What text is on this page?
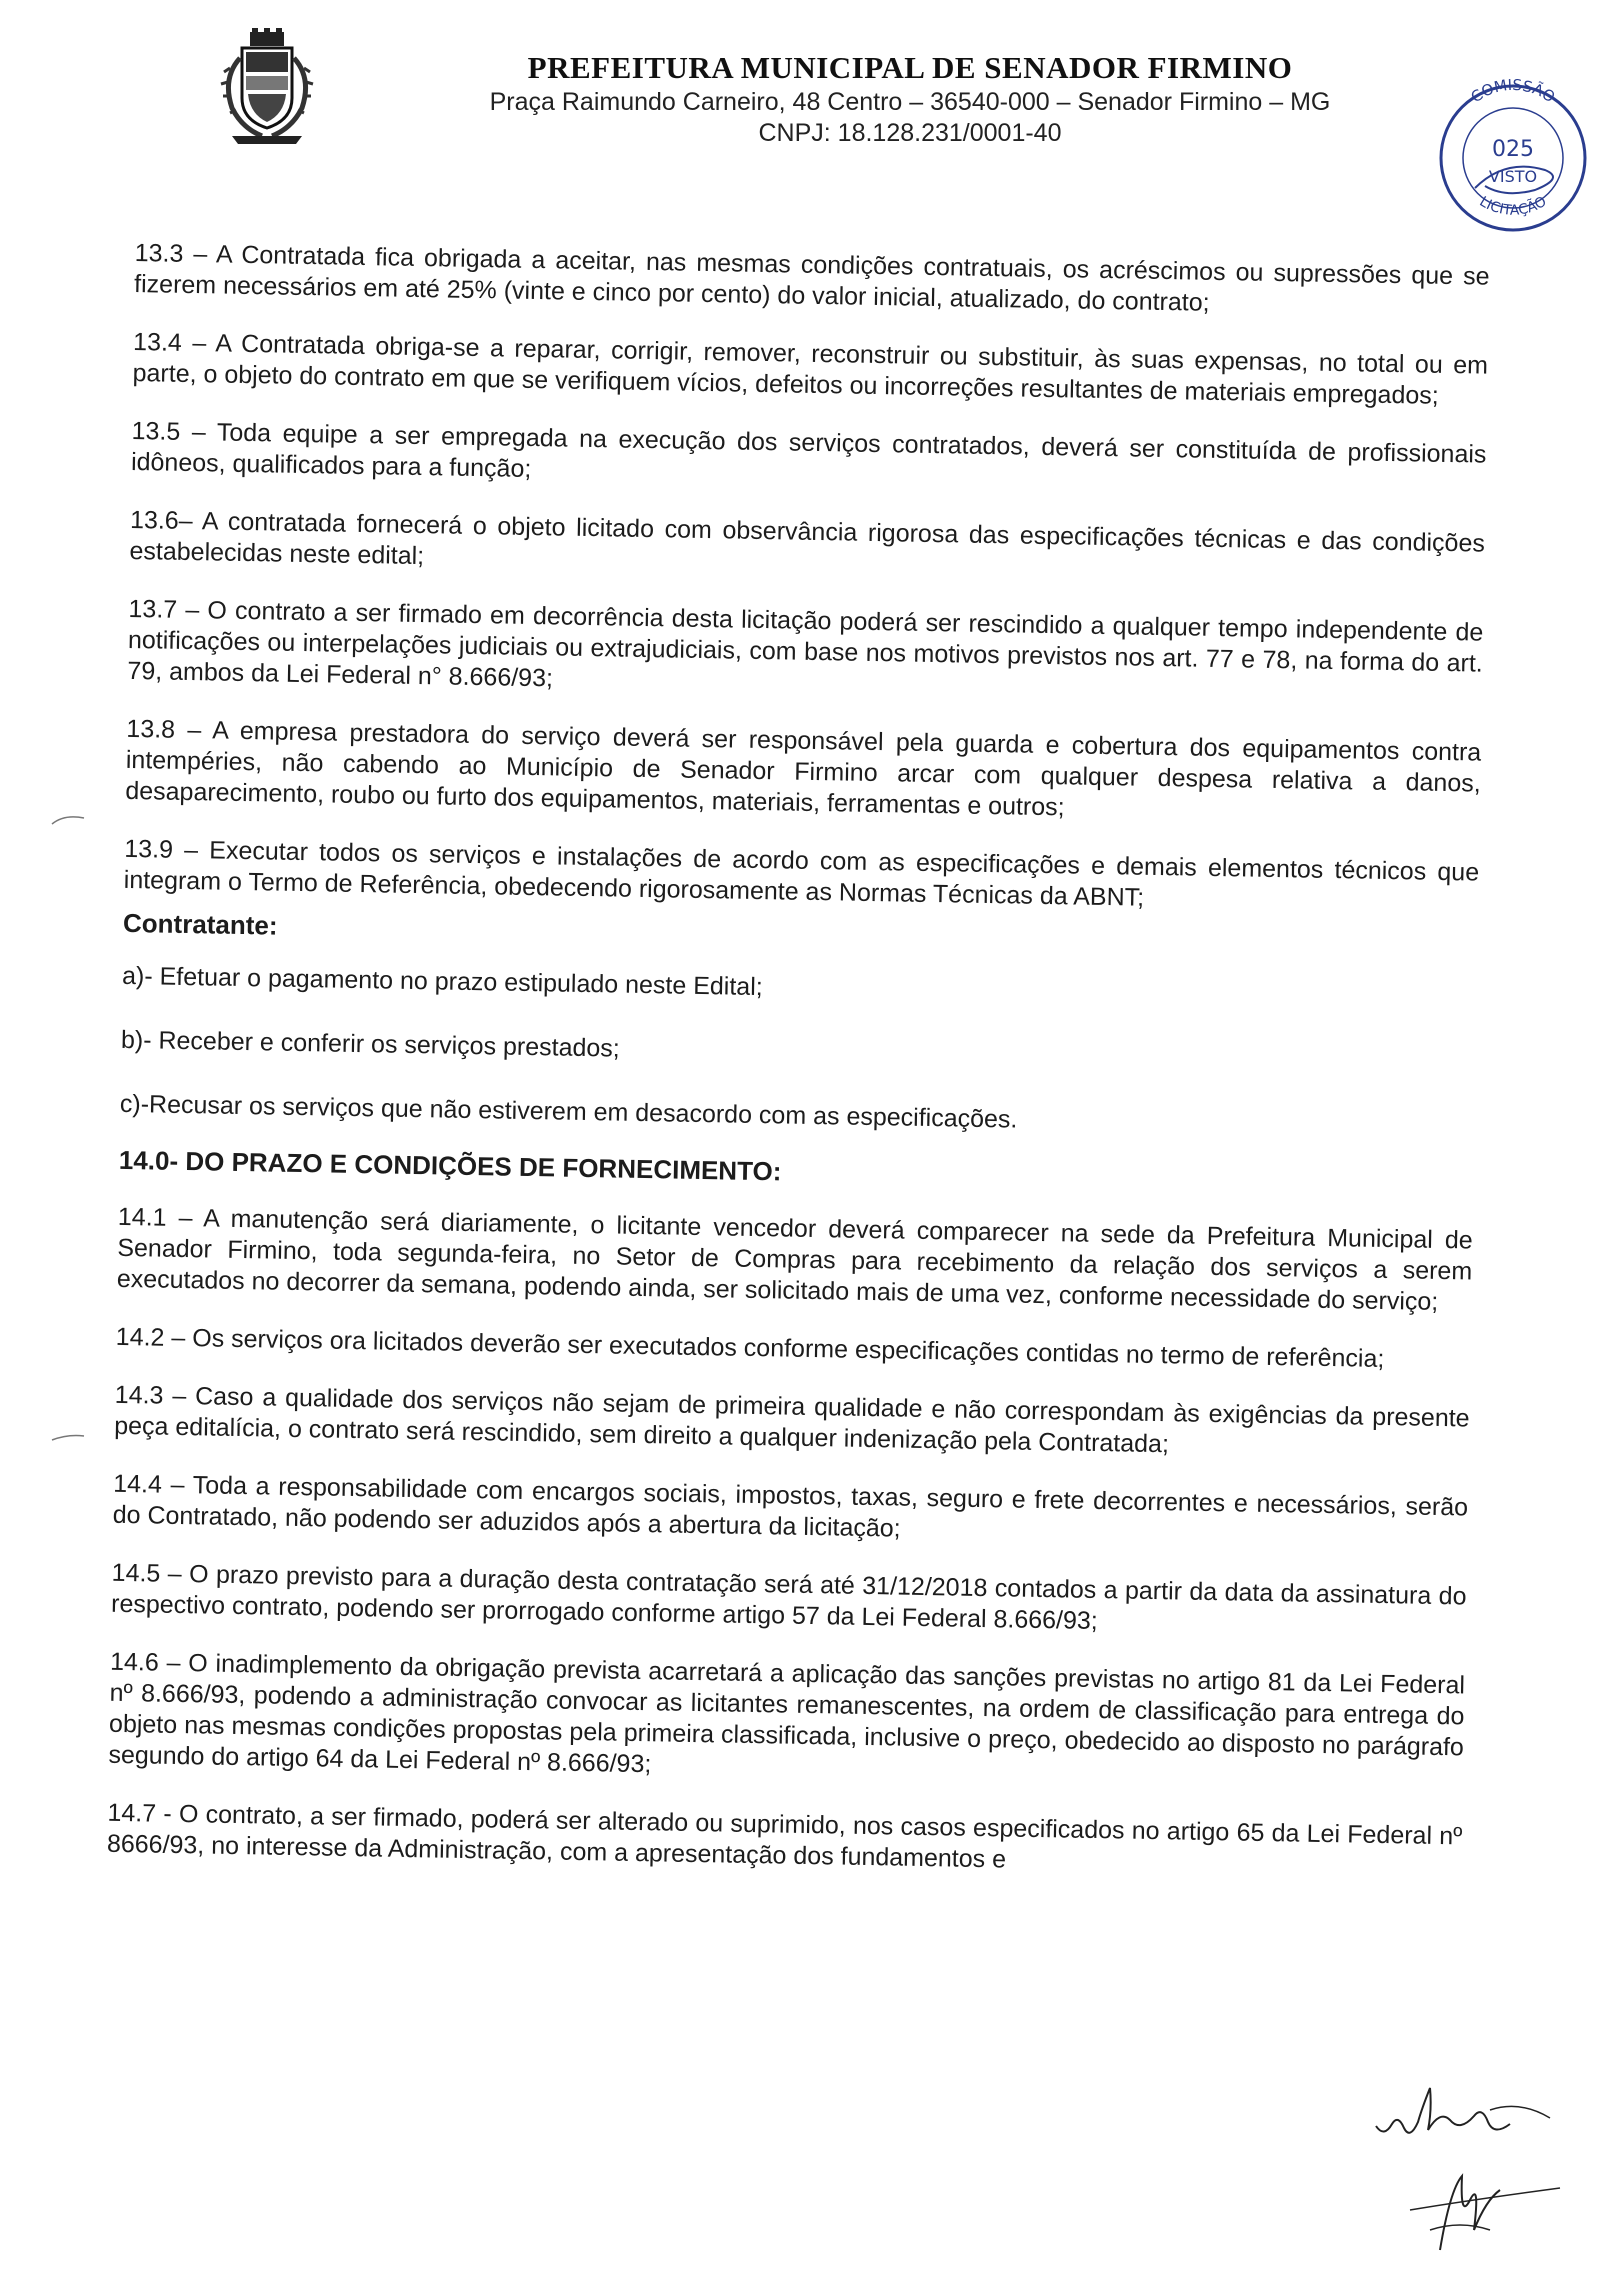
PREFEITURA MUNICIPAL DE SENADOR FIRMINO
Praça Raimundo Carneiro, 48 Centro – 36540-000 – Senador Firmino – MG
CNPJ: 18.128.231/0001-40
COMISSÃO
025
VISTO
LICITAÇÃO

13.3 – A Contratada fica obrigada a aceitar, nas mesmas condições contratuais, os acréscimos ou supressões que se fizerem necessários em até 25% (vinte e cinco por cento) do valor inicial, atualizado, do contrato;

13.4 – A Contratada obriga-se a reparar, corrigir, remover, reconstruir ou substituir, às suas expensas, no total ou em parte, o objeto do contrato em que se verifiquem vícios, defeitos ou incorreções resultantes de materiais empregados;

13.5 – Toda equipe a ser empregada na execução dos serviços contratados, deverá ser constituída de profissionais idôneos, qualificados para a função;

13.6– A contratada fornecerá o objeto licitado com observância rigorosa das especificações técnicas e das condições estabelecidas neste edital;

13.7 – O contrato a ser firmado em decorrência desta licitação poderá ser rescindido a qualquer tempo independente de notificações ou interpelações judiciais ou extrajudiciais, com base nos motivos previstos nos art. 77 e 78, na forma do art. 79, ambos da Lei Federal n° 8.666/93;

13.8 – A empresa prestadora do serviço deverá ser responsável pela guarda e cobertura dos equipamentos contra intempéries, não cabendo ao Município de Senador Firmino arcar com qualquer despesa relativa a danos, desaparecimento, roubo ou furto dos equipamentos, materiais, ferramentas e outros;

13.9 – Executar todos os serviços e instalações de acordo com as especificações e demais elementos técnicos que integram o Termo de Referência, obedecendo rigorosamente as Normas Técnicas da ABNT;

Contratante:

a)- Efetuar o pagamento no prazo estipulado neste Edital;

b)- Receber e conferir os serviços prestados;

c)-Recusar os serviços que não estiverem em desacordo com as especificações.

14.0- DO PRAZO E CONDIÇÕES DE FORNECIMENTO:

14.1 – A manutenção será diariamente, o licitante vencedor deverá comparecer na sede da Prefeitura Municipal de Senador Firmino, toda segunda-feira, no Setor de Compras para recebimento da relação dos serviços a serem executados no decorrer da semana, podendo ainda, ser solicitado mais de uma vez, conforme necessidade do serviço;

14.2 – Os serviços ora licitados deverão ser executados conforme especificações contidas no termo de referência;

14.3 – Caso a qualidade dos serviços não sejam de primeira qualidade e não correspondam às exigências da presente peça editalícia, o contrato será rescindido, sem direito a qualquer indenização pela Contratada;

14.4 – Toda a responsabilidade com encargos sociais, impostos, taxas, seguro e frete decorrentes e necessários, serão do Contratado, não podendo ser aduzidos após a abertura da licitação;

14.5 – O prazo previsto para a duração desta contratação será até 31/12/2018 contados a partir da data da assinatura do respectivo contrato, podendo ser prorrogado conforme artigo 57 da Lei Federal 8.666/93;

14.6 – O inadimplemento da obrigação prevista acarretará a aplicação das sanções previstas no artigo 81 da Lei Federal nº 8.666/93, podendo a administração convocar as licitantes remanescentes, na ordem de classificação para entrega do objeto nas mesmas condições propostas pela primeira classificada, inclusive o preço, obedecido ao disposto no parágrafo segundo do artigo 64 da Lei Federal nº 8.666/93;

14.7 - O contrato, a ser firmado, poderá ser alterado ou suprimido, nos casos especificados no artigo 65 da Lei Federal nº 8666/93, no interesse da Administração, com a apresentação dos fundamentos e
